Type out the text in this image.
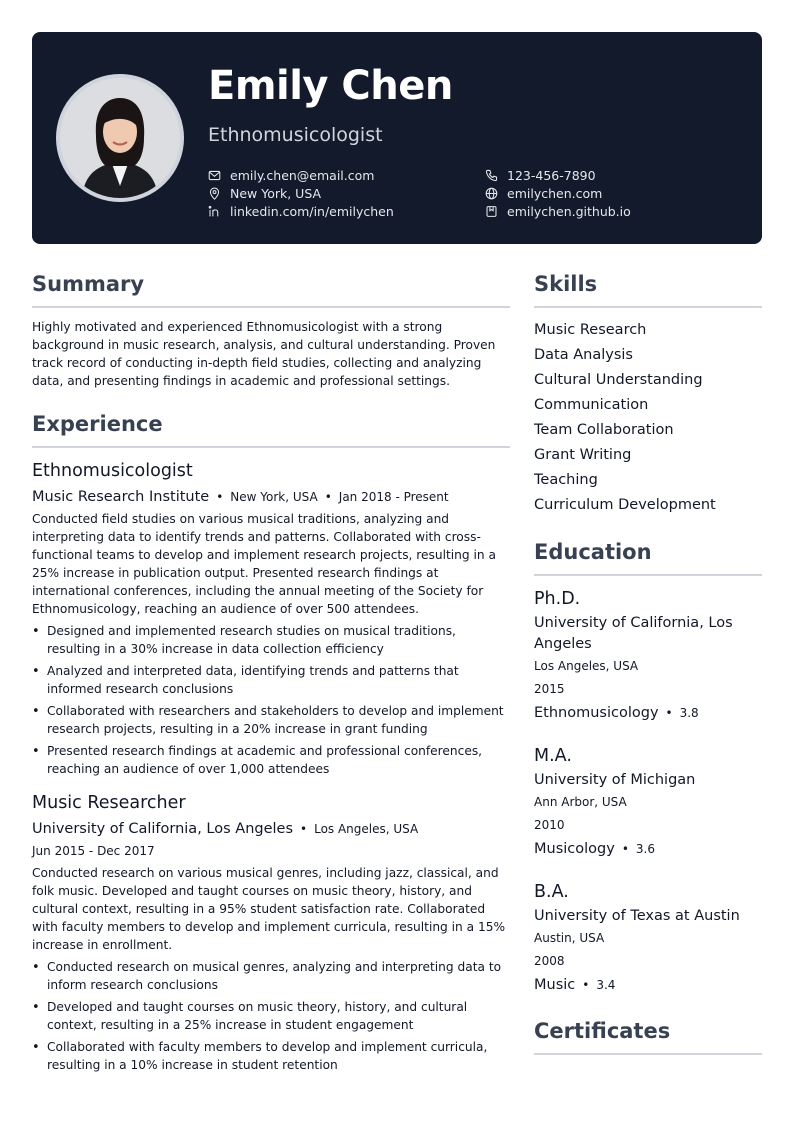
Emily Chen
Ethnomusicologist
emily.chen@email.com	123-456-7890
New York, USA	emilychen.com
linkedin.com/in/emilychen	emilychen.github.io
Summary

Highly motivated and experienced Ethnomusicologist with a strong background in music research, analysis, and cultural understanding. Proven track record of conducting in-depth field studies, collecting and analyzing data, and presenting findings in academic and professional settings.

Experience
Ethnomusicologist
Music Research Institute • New York, USA • Jan 2018 - Present

Conducted field studies on various musical traditions, analyzing and interpreting data to identify trends and patterns. Collaborated with cross-functional teams to develop and implement research projects, resulting in a 25% increase in publication output. Presented research findings at international conferences, including the annual meeting of the Society for Ethnomusicology, reaching an audience of over 500 attendees.

• Designed and implemented research studies on musical traditions, resulting in a 30% increase in data collection efficiency
• Analyzed and interpreted data, identifying trends and patterns that informed research conclusions
• Collaborated with researchers and stakeholders to develop and implement research projects, resulting in a 20% increase in grant funding
• Presented research findings at academic and professional conferences, reaching an audience of over 1,000 attendees
Music Researcher
University of California, Los Angeles • Los Angeles, USA
Jun 2015 - Dec 2017

Conducted research on various musical genres, including jazz, classical, and folk music. Developed and taught courses on music theory, history, and cultural context, resulting in a 95% student satisfaction rate. Collaborated with faculty members to develop and implement curricula, resulting in a 15% increase in enrollment.

• Conducted research on musical genres, analyzing and interpreting data to inform research conclusions
• Developed and taught courses on music theory, history, and cultural context, resulting in a 25% increase in student engagement
• Collaborated with faculty members to develop and implement curricula, resulting in a 10% increase in student retention
Skills
Music Research
Data Analysis
Cultural Understanding
Communication
Team Collaboration
Grant Writing
Teaching
Curriculum Development
Education
Ph.D.
University of California, Los Angeles
Los Angeles, USA
2015
Ethnomusicology • 3.8
M.A.
University of Michigan
Ann Arbor, USA
2010
Musicology • 3.6
B.A.
University of Texas at Austin
Austin, USA
2008
Music • 3.4
Certificates
